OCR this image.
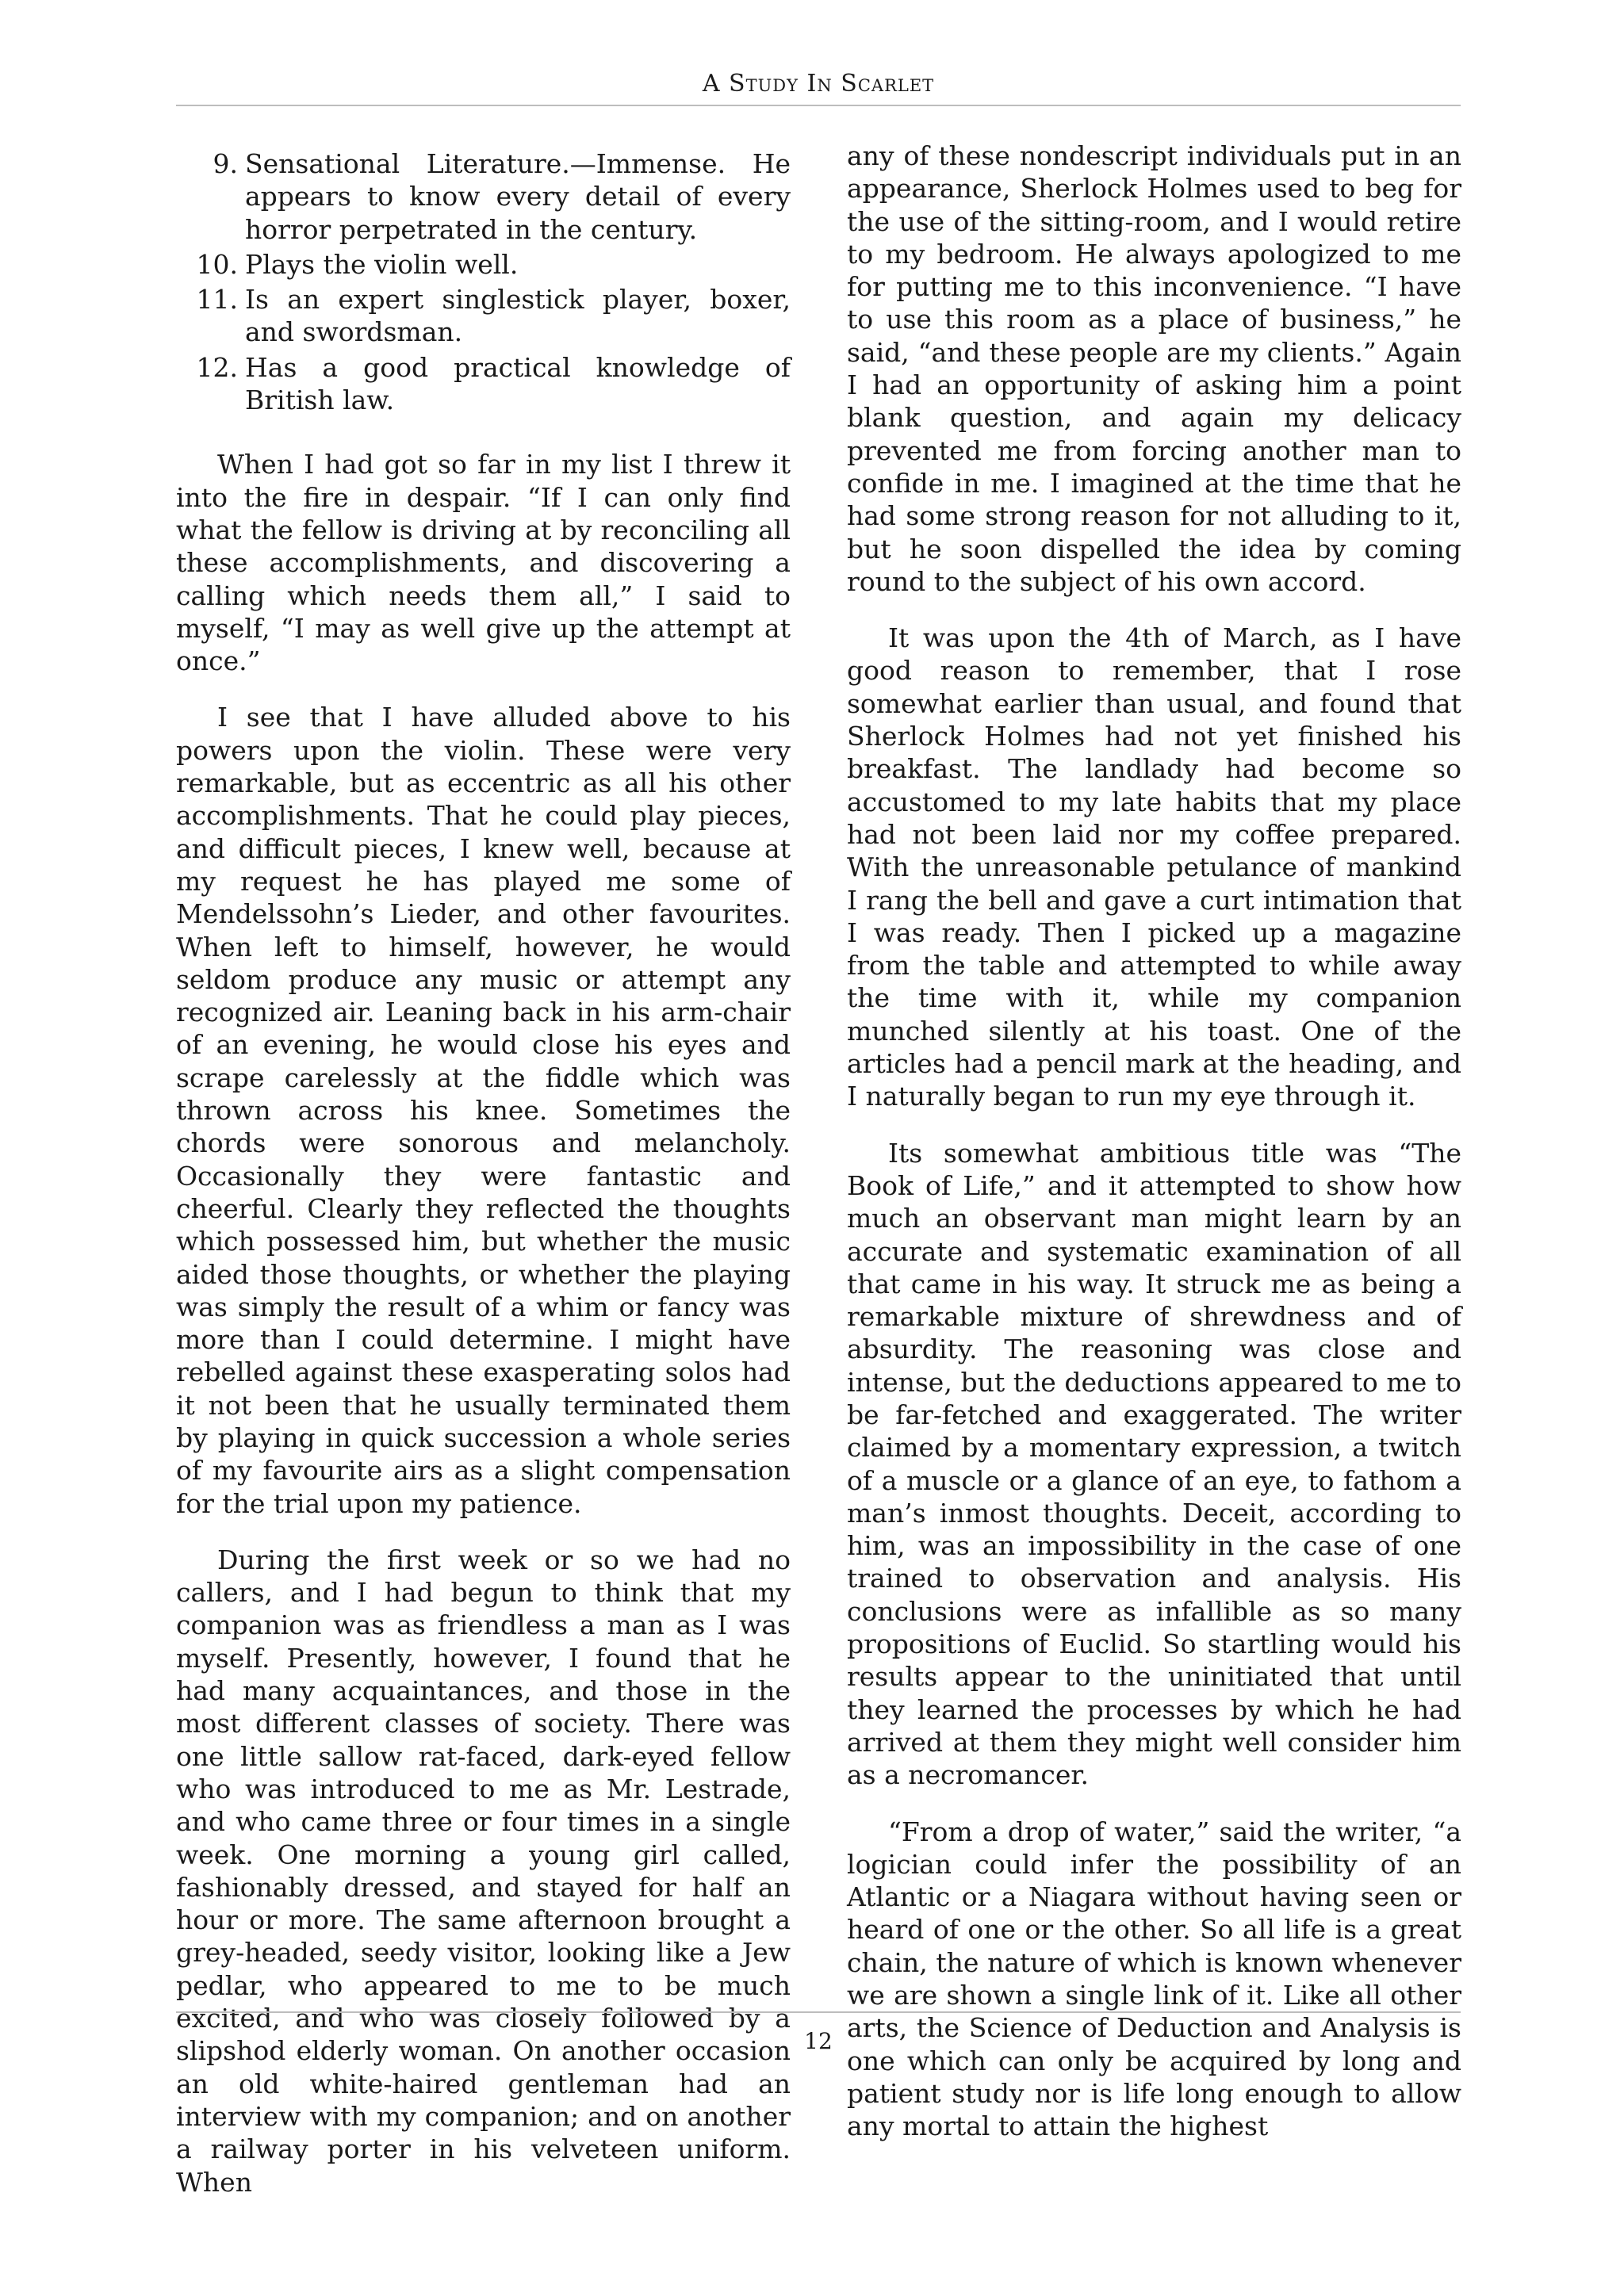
A Study In Scarlet
9. Sensational Literature.—Immense. He appears to know every detail of every horror perpetrated in the century.
10. Plays the violin well.
11. Is an expert singlestick player, boxer, and swordsman.
12. Has a good practical knowledge of British law.

When I had got so far in my list I threw it into the fire in despair. “If I can only find what the fellow is driving at by reconciling all these accomplishments, and discovering a calling which needs them all,” I said to myself, “I may as well give up the attempt at once.”

I see that I have alluded above to his powers upon the violin. These were very remarkable, but as eccentric as all his other accomplishments. That he could play pieces, and difficult pieces, I knew well, because at my request he has played me some of Mendelssohn’s Lieder, and other favourites. When left to himself, however, he would seldom produce any music or attempt any recognized air. Leaning back in his arm-chair of an evening, he would close his eyes and scrape carelessly at the fiddle which was thrown across his knee. Sometimes the chords were sonorous and melancholy. Occasionally they were fantastic and cheerful. Clearly they reflected the thoughts which possessed him, but whether the music aided those thoughts, or whether the playing was simply the result of a whim or fancy was more than I could determine. I might have rebelled against these exasperating solos had it not been that he usually terminated them by playing in quick succession a whole series of my favourite airs as a slight compensation for the trial upon my patience.

During the first week or so we had no callers, and I had begun to think that my companion was as friendless a man as I was myself. Presently, however, I found that he had many acquaintances, and those in the most different classes of society. There was one little sallow rat-faced, dark-eyed fellow who was introduced to me as Mr. Lestrade, and who came three or four times in a single week. One morning a young girl called, fashionably dressed, and stayed for half an hour or more. The same afternoon brought a grey-headed, seedy visitor, looking like a Jew pedlar, who appeared to me to be much excited, and who was closely followed by a slipshod elderly woman. On another occasion an old white-haired gentleman had an interview with my companion; and on another a railway porter in his velveteen uniform. When

any of these nondescript individuals put in an appearance, Sherlock Holmes used to beg for the use of the sitting-room, and I would retire to my bedroom. He always apologized to me for putting me to this inconvenience. “I have to use this room as a place of business,” he said, “and these people are my clients.” Again I had an opportunity of asking him a point blank question, and again my delicacy prevented me from forcing another man to confide in me. I imagined at the time that he had some strong reason for not alluding to it, but he soon dispelled the idea by coming round to the subject of his own accord.

It was upon the 4th of March, as I have good reason to remember, that I rose somewhat earlier than usual, and found that Sherlock Holmes had not yet finished his breakfast. The landlady had become so accustomed to my late habits that my place had not been laid nor my coffee prepared. With the unreasonable petulance of mankind I rang the bell and gave a curt intimation that I was ready. Then I picked up a magazine from the table and attempted to while away the time with it, while my companion munched silently at his toast. One of the articles had a pencil mark at the heading, and I naturally began to run my eye through it.

Its somewhat ambitious title was “The Book of Life,” and it attempted to show how much an observant man might learn by an accurate and systematic examination of all that came in his way. It struck me as being a remarkable mixture of shrewdness and of absurdity. The reasoning was close and intense, but the deductions appeared to me to be far-fetched and exaggerated. The writer claimed by a momentary expression, a twitch of a muscle or a glance of an eye, to fathom a man’s inmost thoughts. Deceit, according to him, was an impossibility in the case of one trained to observation and analysis. His conclusions were as infallible as so many propositions of Euclid. So startling would his results appear to the uninitiated that until they learned the processes by which he had arrived at them they might well consider him as a necromancer.

“From a drop of water,” said the writer, “a logician could infer the possibility of an Atlantic or a Niagara without having seen or heard of one or the other. So all life is a great chain, the nature of which is known whenever we are shown a single link of it. Like all other arts, the Science of Deduction and Analysis is one which can only be acquired by long and patient study nor is life long enough to allow any mortal to attain the highest

12
